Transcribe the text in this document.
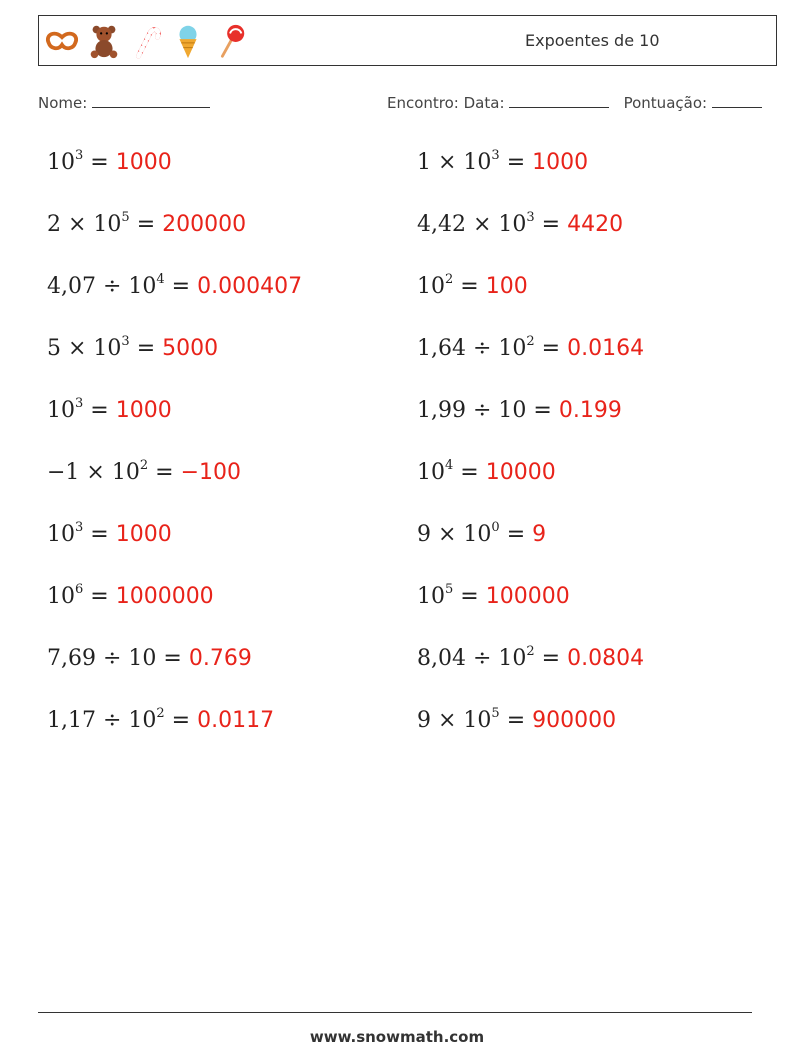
Expoentes de 10
Nome:	Encontro: Data:	Pontuação:
$10^3 = 1000$
$2 \times 10^5 = 200000$
$4,07 \div 10^4 = 0.000407$
$5 \times 10^3 = 5000$
$10^3 = 1000$
$-1 \times 10^2 = -100$
$10^3 = 1000$
$10^6 = 1000000$
7,69 ÷ 10 = 0.769
$1,17 \div 10^2 = 0.0117$
$1 \times 10^3 = 1000$
$4,42 \times 10^3 = 4420$
$10^2 = 100$
$1,64 \div 10^2 = 0.0164$
1,99 ÷ 10 = 0.199
$10^4 = 10000$
$9 \times 10^0 = 9$
$10^5 = 100000$
$8,04 \div 10^2 = 0.0804$
$9 \times 10^5 = 900000$
www.snowmath.com
